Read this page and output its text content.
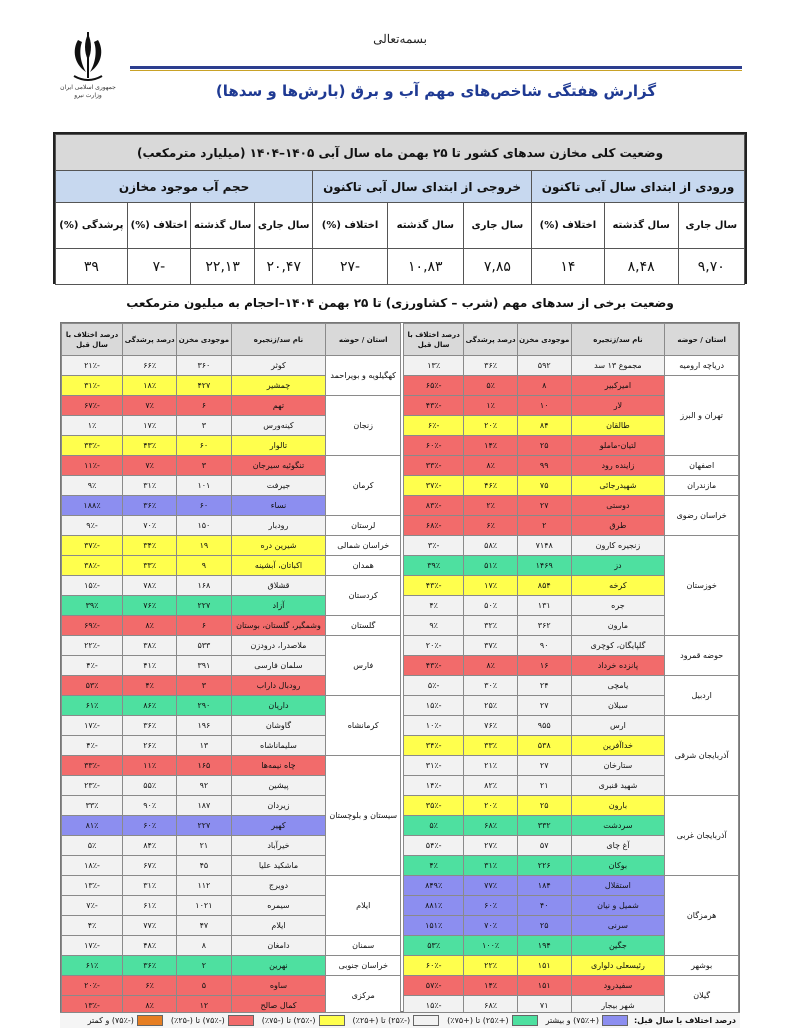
جمهوری اسلامی ایران
وزارت نیرو
بسمه‌تعالی
گزارش هفتگی شاخص‌های مهم آب و برق (بارش‌ها و سدها)
وضعیت کلی مخازن سدهای کشور تا ۲۵ بهمن ماه سال آبی ۱۴۰۵–۱۴۰۴ (میلیارد مترمکعب)									
ورودی از ابتدای سال آبی تاکنون			خروجی از ابتدای سال آبی تاکنون			حجم آب موجود مخازن			
سال جاری	سال گذشته	اختلاف (%)	سال جاری	سال گذشته	اختلاف (%)	سال جاری	سال گذشته	اختلاف (%)	پرشدگی (%)
۹,۷۰	۸,۴۸	۱۴	۷,۸۵	۱۰,۸۳	-۲۷	۲۰,۴۷	۲۲,۱۳	-۷	۳۹
وضعیت برخی از سدهای مهم (شرب – کشاورزی) تا ۲۵ بهمن ۱۴۰۴–احجام به میلیون مترمکعب
استان / حوضه	نام سد/زنجیره	موجودی مخزن	درصد پرشدگی	درصد اختلاف با سال قبل
دریاچه ارومیه	مجموع ۱۳ سد	۵۹۲	۳۶٪	۱۳٪
تهران و البرز	امیرکبیر	۸	۵٪	-۶۵٪
	لار	۱۰	۱٪	-۴۳٪
	طالقان	۸۴	۲۰٪	-۶٪
	لتیان-ماملو	۲۵	۱۴٪	-۶۰٪
اصفهان	زاینده رود	۹۹	۸٪	-۳۳٪
مازندران	شهیدرجائی	۷۵	۴۶٪	-۳۷٪
خراسان رضوی	دوستی	۲۷	۲٪	-۸۳٪
	طرق	۲	۶٪	-۶۸٪
خوزستان	زنجیره کارون	۷۱۴۸	۵۸٪	-۳٪
	دز	۱۴۶۹	۵۱٪	۳۹٪
	کرخه	۸۵۴	۱۷٪	-۴۳٪
	جره	۱۳۱	۵۰٪	۴٪
	مارون	۳۶۲	۳۲٪	۹٪
حوضه قمرود	گلپایگان، کوچری	۹۰	۳۷٪	-۲۰٪
	پانزده خرداد	۱۶	۸٪	-۴۳٪
اردبیل	یامچی	۲۴	۳۰٪	-۵٪
	سبلان	۲۷	۲۵٪	-۱۵٪
آذربایجان شرقی	ارس	۹۵۵	۷۶٪	-۱۰٪
	خداآفرین	۵۳۸	۳۳٪	-۳۴٪
	ستارخان	۲۷	۲۱٪	-۳۱٪
	شهید قنبری	۲۱	۸۲٪	-۱۴٪
آذربایجان غربی	بارون	۲۵	۲۰٪	-۳۵٪
	سردشت	۳۳۲	۶۸٪	۵٪
	آغ چای	۵۷	۲۷٪	-۵۴٪
	بوکان	۲۲۶	۳۱٪	۴٪
هرمزگان	استقلال	۱۸۴	۷۷٪	۸۴۹٪
	شمیل و نیان	۴۰	۶۰٪	۸۸۱٪
	سرنی	۲۵	۷۰٪	۱۵۱٪
	جگین	۱۹۴	۱۰۰٪	۵۳٪
بوشهر	رئیسعلی دلواری	۱۵۱	۲۲٪	-۶۰٪
گیلان	سفیدرود	۱۵۱	۱۴٪	-۵۷٪
	شهر بیجار	۷۱	۶۸٪	-۱۵٪
استان / حوضه	نام سد/زنجیره	موجودی مخزن	درصد پرشدگی	درصد اختلاف با سال قبل
کهگیلویه و بویراحمد	کوثر	۳۶۰	۶۶٪	-۲۱٪
	چمشیر	۴۲۷	۱۸٪	-۳۱٪
زنجان	تهم	۶	۷٪	-۶۷٪
	کینه‌ورس	۳	۱۷٪	۱٪
	تالوار	۶۰	۴۳٪	-۳۳٪
کرمان	تنگوئیه سیرجان	۳	۷٪	-۱۱٪
	جیرفت	۱۰۱	۳۱٪	۹٪
	نساء	۶۰	۳۶٪	۱۸۸٪
لرستان	رودبار	۱۵۰	۷۰٪	-۹٪
خراسان شمالی	شیرین دره	۱۹	۳۴٪	-۳۷٪
همدان	اکباتان، آبشینه	۹	۳۳٪	-۳۸٪
کردستان	قشلاق	۱۶۸	۷۸٪	-۱۵٪
	آزاد	۲۲۷	۷۶٪	۳۹٪
گلستان	وشمگیر، گلستان، بوستان	۶	۸٪	-۶۹٪
فارس	ملاصدرا، درودزن	۵۳۳	۳۸٪	-۲۲٪
	سلمان فارسی	۳۹۱	۴۱٪	-۴٪
	رودبال داراب	۳	۴٪	۵۳٪
کرمانشاه	داریان	۲۹۰	۸۶٪	۶۱٪
	گاوشان	۱۹۶	۳۶٪	-۱۷٪
	سلیماناشاه	۱۳	۲۶٪	-۴٪
سیستان و بلوچستان	چاه نیمه‌ها	۱۶۵	۱۱٪	-۳۳٪
	پیشین	۹۲	۵۵٪	-۲۳٪
	زیردان	۱۸۷	۹۰٪	۳۳٪
	کهیر	۲۲۷	۶۰٪	۸۱٪
	خیرآباد	۲۱	۸۴٪	۵٪
	ماشکید علیا	۴۵	۶۷٪	-۱۸٪
ایلام	دویرج	۱۱۲	۳۱٪	-۱۳٪
	سیمره	۱۰۲۱	۶۱٪	-۷٪
	ایلام	۴۷	۷۷٪	۴٪
سمنان	دامغان	۸	۴۸٪	-۱۷٪
خراسان جنوبی	نهرین	۲	۳۶٪	۶۱٪
مرکزی	ساوه	۵	۶٪	-۲۰٪
	کمال صالح	۱۲	۸٪	-۱۳٪
درصد اختلاف با سال قبل:
(+۷۵٪) و بیشتر
(+۲۵٪) تا (+۷۵٪)
(-۲۵٪) تا (+۲۵٪)
(-۲۵٪) تا (-۷۵٪)
(-۷۵٪) تا (-۲۵٪)
(-۷۵٪) و کمتر
